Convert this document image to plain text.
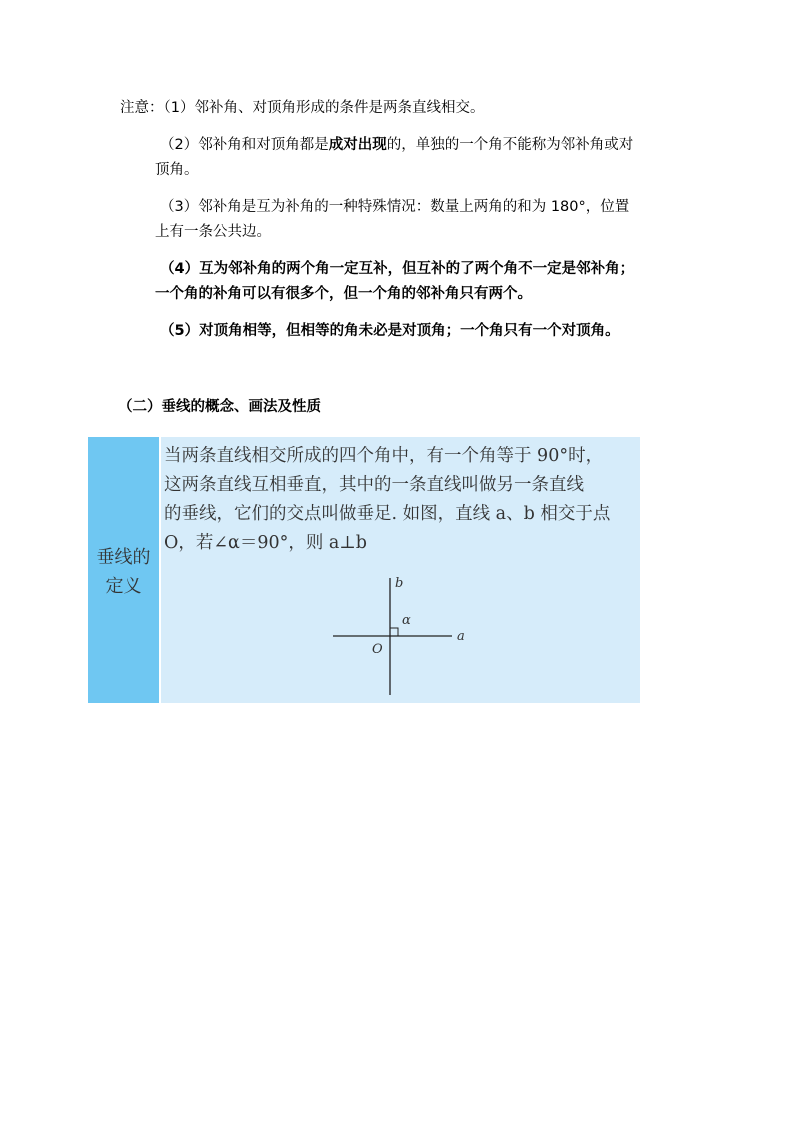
注意：（1）邻补角、对顶角形成的条件是两条直线相交。
（2）邻补角和对顶角都是成对出现的，单独的一个角不能称为邻补角或对
顶角。
（3）邻补角是互为补角的一种特殊情况：数量上两角的和为 180°，位置
上有一条公共边。
（4）互为邻补角的两个角一定互补，但互补的了两个角不一定是邻补角；
一个角的补角可以有很多个，但一个角的邻补角只有两个。
（5）对顶角相等，但相等的角未必是对顶角；一个角只有一个对顶角。
（二）垂线的概念、画法及性质
垂线的
定义

当两条直线相交所成的四个角中，有一个角等于 90°时，

这两条直线互相垂直，其中的一条直线叫做另一条直线

的垂线，它们的交点叫做垂足. 如图，直线 a、b 相交于点

O，若∠α＝90°，则 a⊥b

b
a
O
α
